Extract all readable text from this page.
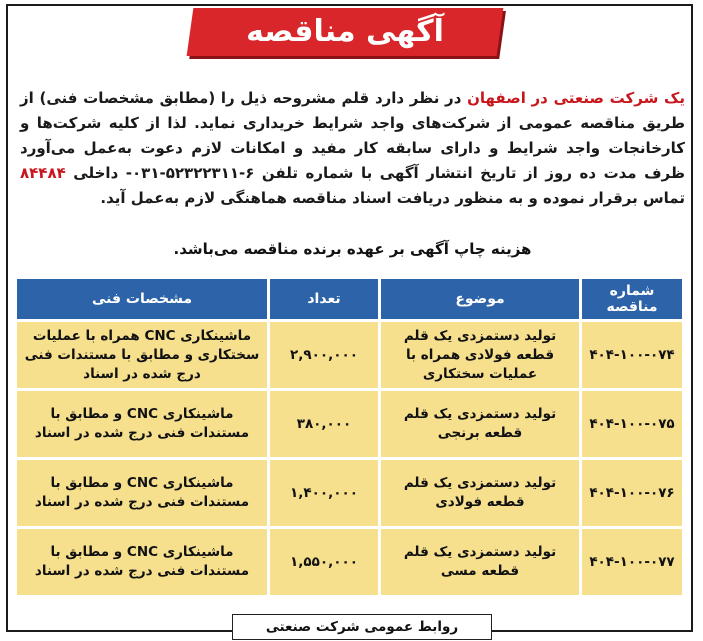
آگهی مناقصه عمومی
یک شرکت صنعتی در اصفهان در نظر دارد قلم مشروحه ذیل را (مطابق مشخصات فنی) از طریق مناقصه عمومی از شرکت‌های واجد شرایط خریداری نماید. لذا از کلیه شرکت‌ها و کارخانجات واجد شرایط و دارای سابقه کار مفید و امکانات لازم دعوت به‌عمل می‌آورد ظرف مدت ده روز از تاریخ انتشار آگهی با شماره تلفن ۶-۵۲۳۲۲۳۱۱-۰۳۱- داخلی ۸۴۴۸۴ تماس برقرار نموده و به منظور دریافت اسناد مناقصه هماهنگی لازم به‌عمل آید.
هزینه چاپ آگهی بر عهده برنده مناقصه می‌باشد.
شماره مناقصه	موضوع	تعداد	مشخصات فنی
۴۰۴-۱۰۰-۰۷۴	تولید دستمزدی یک قلم قطعه فولادی همراه با عملیات سختکاری	۲,۹۰۰,۰۰۰	ماشینکاری CNC همراه با عملیات سختکاری و مطابق با مستندات فنی درج شده در اسناد
۴۰۴-۱۰۰-۰۷۵	تولید دستمزدی یک قلم قطعه برنجی	۳۸۰,۰۰۰	ماشینکاری CNC و مطابق با مستندات فنی درج شده در اسناد
۴۰۴-۱۰۰-۰۷۶	تولید دستمزدی یک قلم قطعه فولادی	۱,۴۰۰,۰۰۰	ماشینکاری CNC و مطابق با مستندات فنی درج شده در اسناد
۴۰۴-۱۰۰-۰۷۷	تولید دستمزدی یک قلم قطعه مسی	۱,۵۵۰,۰۰۰	ماشینکاری CNC و مطابق با مستندات فنی درج شده در اسناد
روابط عمومی شرکت صنعتی
